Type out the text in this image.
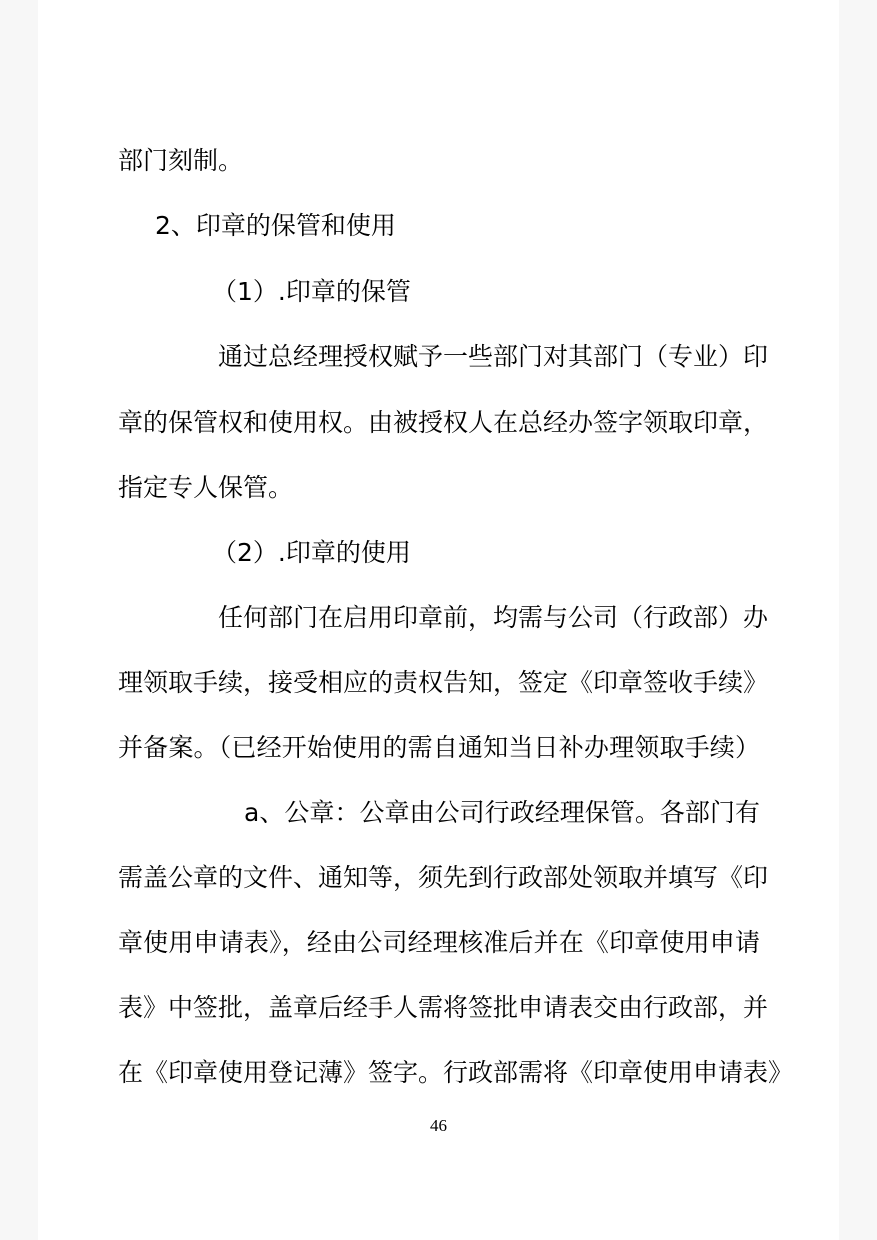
部门刻制。
2、印章的保管和使用
（1）.印章的保管
通过总经理授权赋予一些部门对其部门（专业）印
章的保管权和使用权。由被授权人在总经办签字领取印章，
指定专人保管。
（2）.印章的使用
任何部门在启用印章前，均需与公司（行政部）办
理领取手续，接受相应的责权告知，签定《印章签收手续》
并备案。（已经开始使用的需自通知当日补办理领取手续）
a、公章：公章由公司行政经理保管。各部门有
需盖公章的文件、通知等，须先到行政部处领取并填写《印
章使用申请表》，经由公司经理核准后并在《印章使用申请
表》中签批，盖章后经手人需将签批申请表交由行政部，并
在《印章使用登记薄》签字。行政部需将《印章使用申请表》
46
